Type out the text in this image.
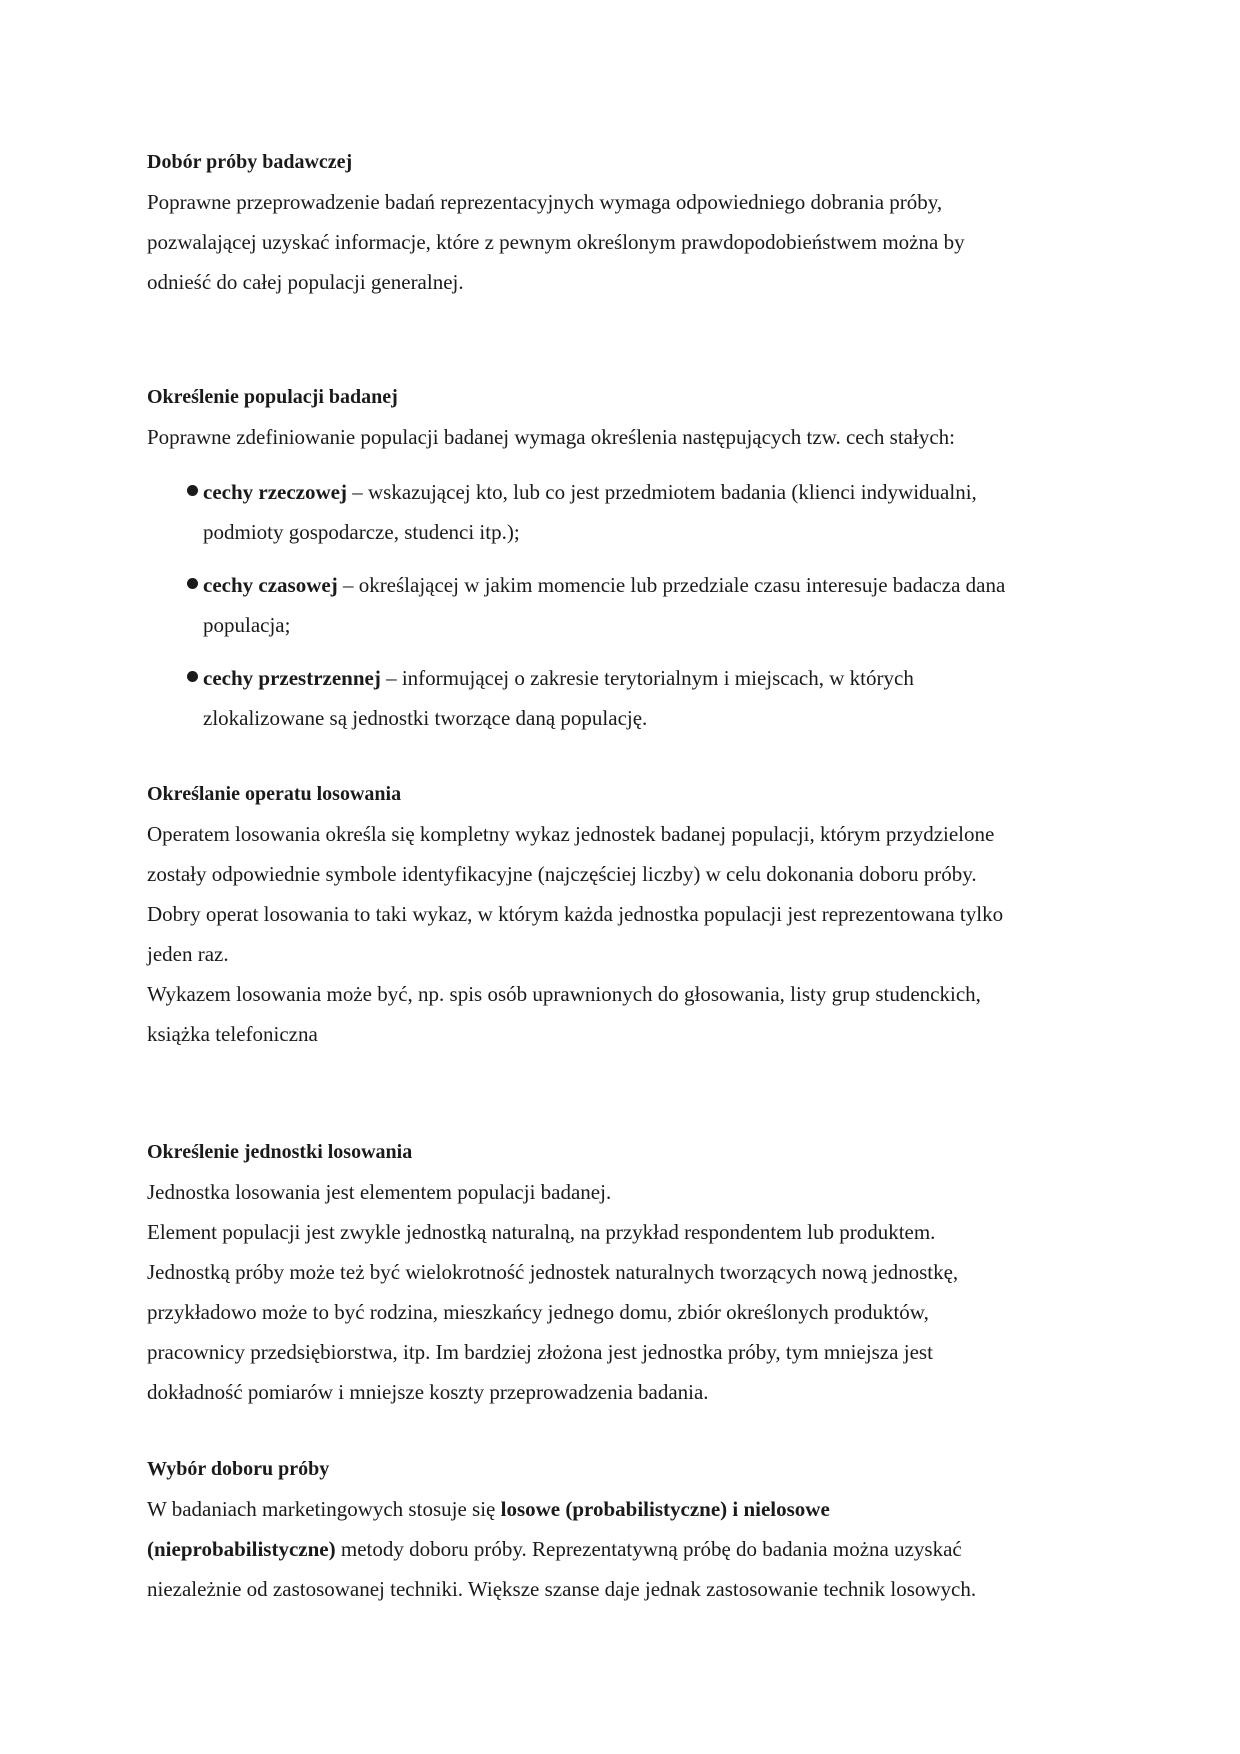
Dobór próby badawczej

Poprawne przeprowadzenie badań reprezentacyjnych wymaga odpowiedniego dobrania próby,

pozwalającej uzyskać informacje, które z pewnym określonym prawdopodobieństwem można by

odnieść do całej populacji generalnej.

Określenie populacji badanej

Poprawne zdefiniowanie populacji badanej wymaga określenia następujących tzw. cech stałych:

cechy rzeczowej – wskazującej kto, lub co jest przedmiotem badania (klienci indywidualni,
podmioty gospodarcze, studenci itp.);
cechy czasowej – określającej w jakim momencie lub przedziale czasu interesuje badacza dana
populacja;
cechy przestrzennej – informującej o zakresie terytorialnym i miejscach, w których
zlokalizowane są jednostki tworzące daną populację.

Określanie operatu losowania

Operatem losowania określa się kompletny wykaz jednostek badanej populacji, którym przydzielone

zostały odpowiednie symbole identyfikacyjne (najczęściej liczby) w celu dokonania doboru próby.

Dobry operat losowania to taki wykaz, w którym każda jednostka populacji jest reprezentowana tylko

jeden raz.

Wykazem losowania może być, np. spis osób uprawnionych do głosowania, listy grup studenckich,

książka telefoniczna

Określenie jednostki losowania

Jednostka losowania jest elementem populacji badanej.

Element populacji jest zwykle jednostką naturalną, na przykład respondentem lub produktem.

Jednostką próby może też być wielokrotność jednostek naturalnych tworzących nową jednostkę,

przykładowo może to być rodzina, mieszkańcy jednego domu, zbiór określonych produktów,

pracownicy przedsiębiorstwa, itp. Im bardziej złożona jest jednostka próby, tym mniejsza jest

dokładność pomiarów i mniejsze koszty przeprowadzenia badania.

Wybór doboru próby

W badaniach marketingowych stosuje się losowe (probabilistyczne) i nielosowe

(nieprobabilistyczne) metody doboru próby. Reprezentatywną próbę do badania można uzyskać

niezależnie od zastosowanej techniki. Większe szanse daje jednak zastosowanie technik losowych.
